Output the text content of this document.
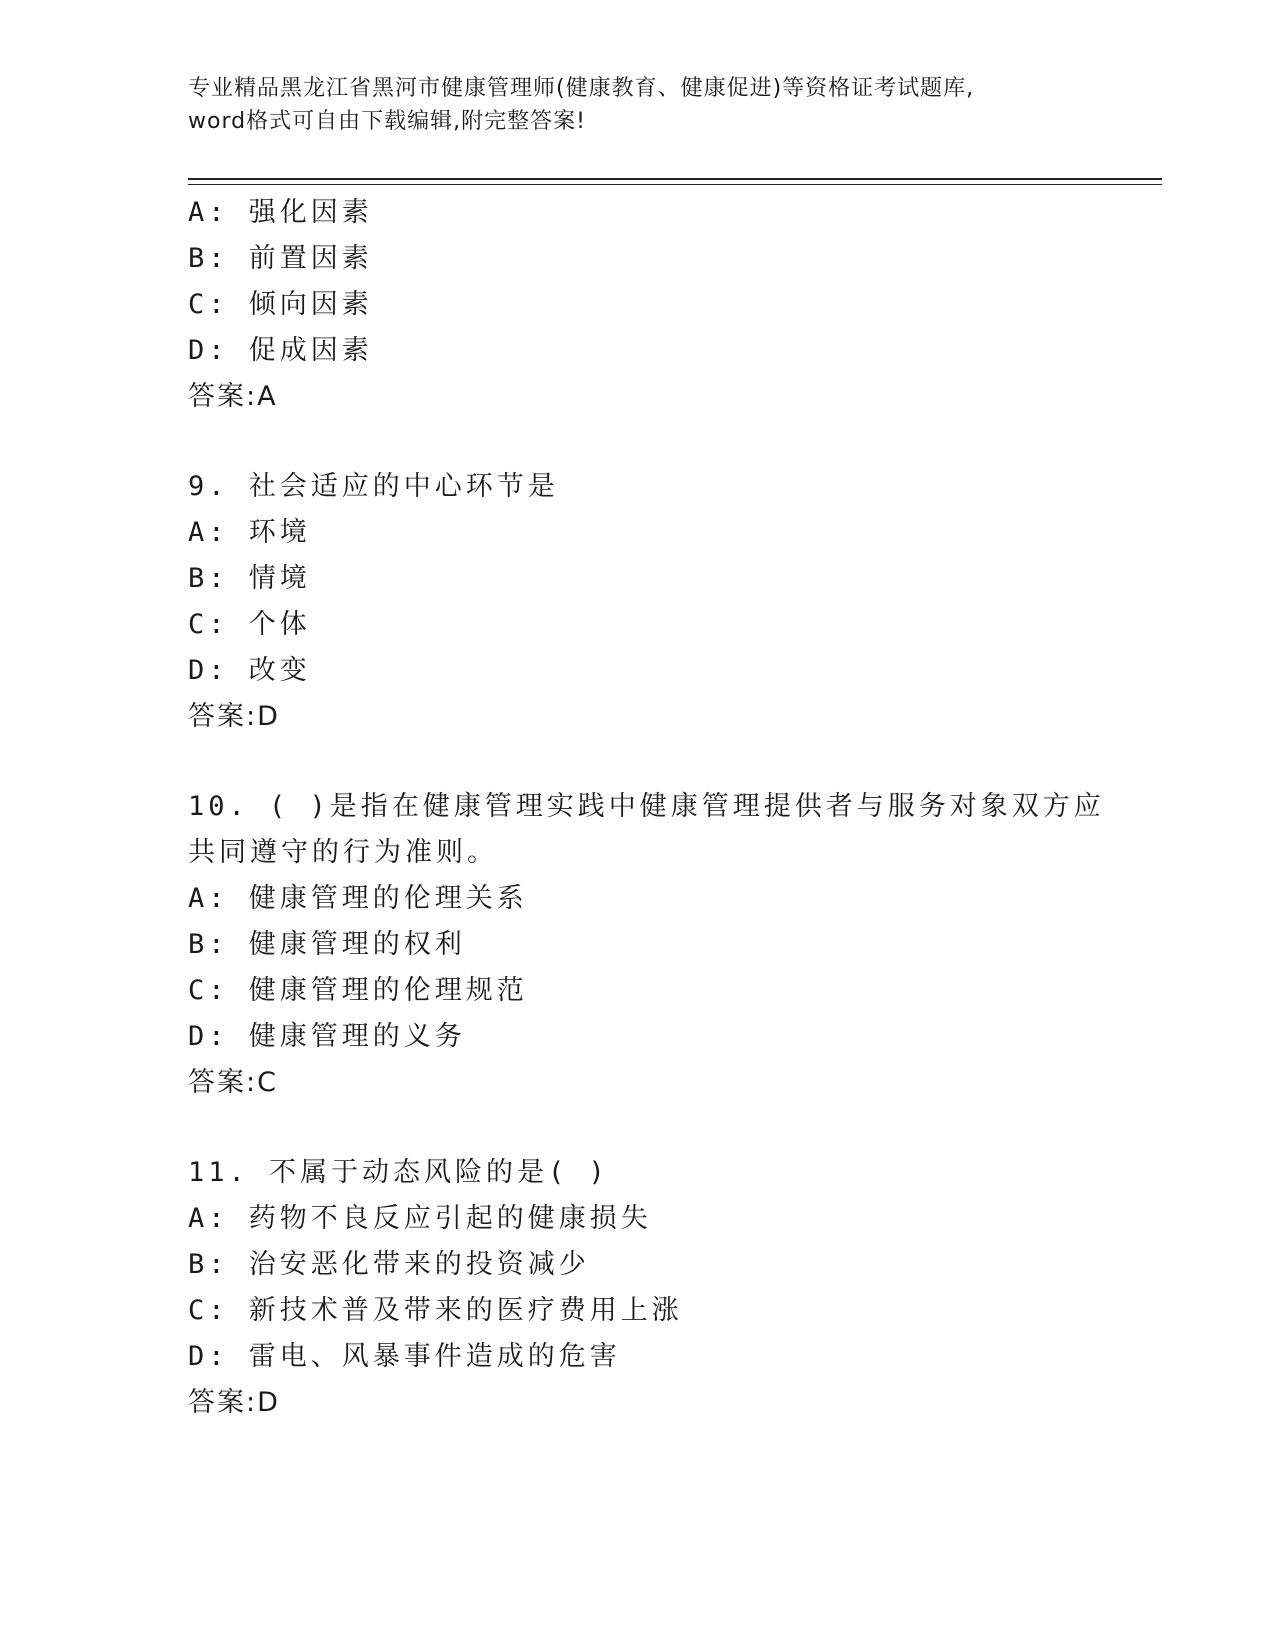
专业精品黑龙江省黑河市健康管理师(健康教育、健康促进)等资格证考试题库,
word格式可自由下载编辑,附完整答案!
A: 强化因素
B: 前置因素
C: 倾向因素
D: 促成因素
答案:A
9. 社会适应的中心环节是
A: 环境
B: 情境
C: 个体
D: 改变
答案:D
10. ( )是指在健康管理实践中健康管理提供者与服务对象双方应
共同遵守的行为准则。
A: 健康管理的伦理关系
B: 健康管理的权利
C: 健康管理的伦理规范
D: 健康管理的义务
答案:C
11. 不属于动态风险的是( )
A: 药物不良反应引起的健康损失
B: 治安恶化带来的投资减少
C: 新技术普及带来的医疗费用上涨
D: 雷电、风暴事件造成的危害
答案:D
